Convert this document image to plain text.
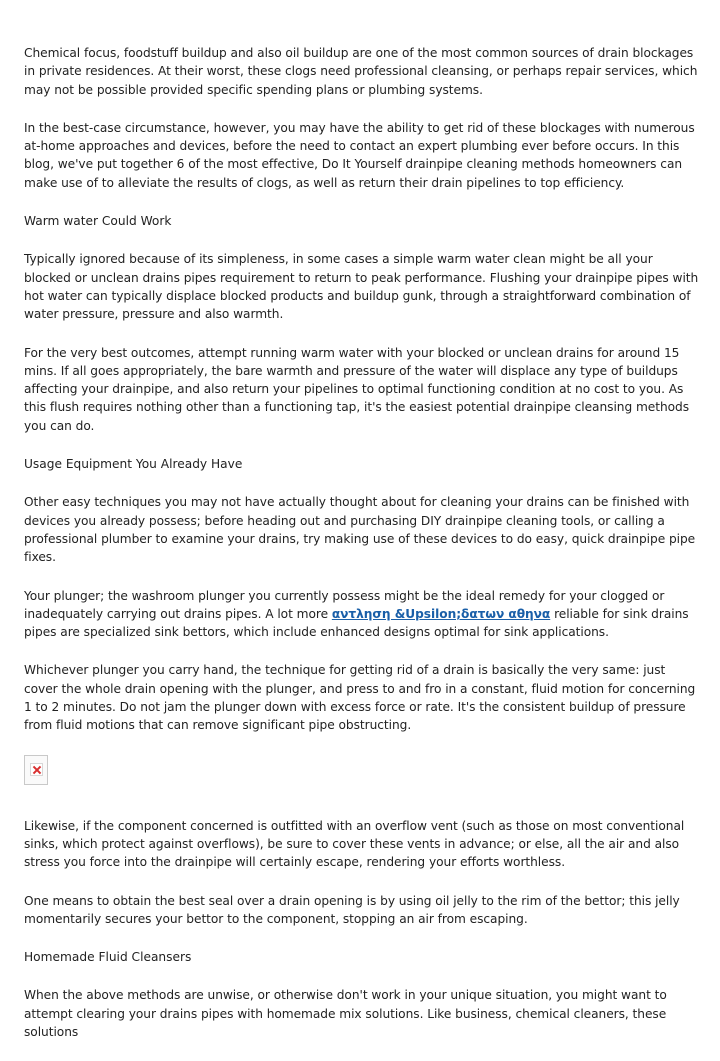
Chemical focus, foodstuff buildup and also oil buildup are one of the most common sources of drain blockages in private residences. At their worst, these clogs need professional cleansing, or perhaps repair services, which may not be possible provided specific spending plans or plumbing systems.

In the best-case circumstance, however, you may have the ability to get rid of these blockages with numerous at-home approaches and devices, before the need to contact an expert plumbing ever before occurs. In this blog, we've put together 6 of the most effective, Do It Yourself drainpipe cleaning methods homeowners can make use of to alleviate the results of clogs, as well as return their drain pipelines to top efficiency.

Warm water Could Work

Typically ignored because of its simpleness, in some cases a simple warm water clean might be all your blocked or unclean drains pipes requirement to return to peak performance. Flushing your drainpipe pipes with hot water can typically displace blocked products and buildup gunk, through a straightforward combination of water pressure, pressure and also warmth.

For the very best outcomes, attempt running warm water with your blocked or unclean drains for around 15 mins. If all goes appropriately, the bare warmth and pressure of the water will displace any type of buildups affecting your drainpipe, and also return your pipelines to optimal functioning condition at no cost to you. As this flush requires nothing other than a functioning tap, it's the easiest potential drainpipe cleansing methods you can do.

Usage Equipment You Already Have

Other easy techniques you may not have actually thought about for cleaning your drains can be finished with devices you already possess; before heading out and purchasing DIY drainpipe cleaning tools, or calling a professional plumber to examine your drains, try making use of these devices to do easy, quick drainpipe pipe fixes.

Your plunger; the washroom plunger you currently possess might be the ideal remedy for your clogged or inadequately carrying out drains pipes. A lot more αντληση &Upsilon;δατων αθηνα reliable for sink drains pipes are specialized sink bettors, which include enhanced designs optimal for sink applications.

Whichever plunger you carry hand, the technique for getting rid of a drain is basically the very same: just cover the whole drain opening with the plunger, and press to and fro in a constant, fluid motion for concerning 1 to 2 minutes. Do not jam the plunger down with excess force or rate. It's the consistent buildup of pressure from fluid motions that can remove significant pipe obstructing.

Likewise, if the component concerned is outfitted with an overflow vent (such as those on most conventional sinks, which protect against overflows), be sure to cover these vents in advance; or else, all the air and also stress you force into the drainpipe will certainly escape, rendering your efforts worthless.

One means to obtain the best seal over a drain opening is by using oil jelly to the rim of the bettor; this jelly momentarily secures your bettor to the component, stopping an air from escaping.

Homemade Fluid Cleansers

When the above methods are unwise, or otherwise don't work in your unique situation, you might want to attempt clearing your drains pipes with homemade mix solutions. Like business, chemical cleaners, these solutions
